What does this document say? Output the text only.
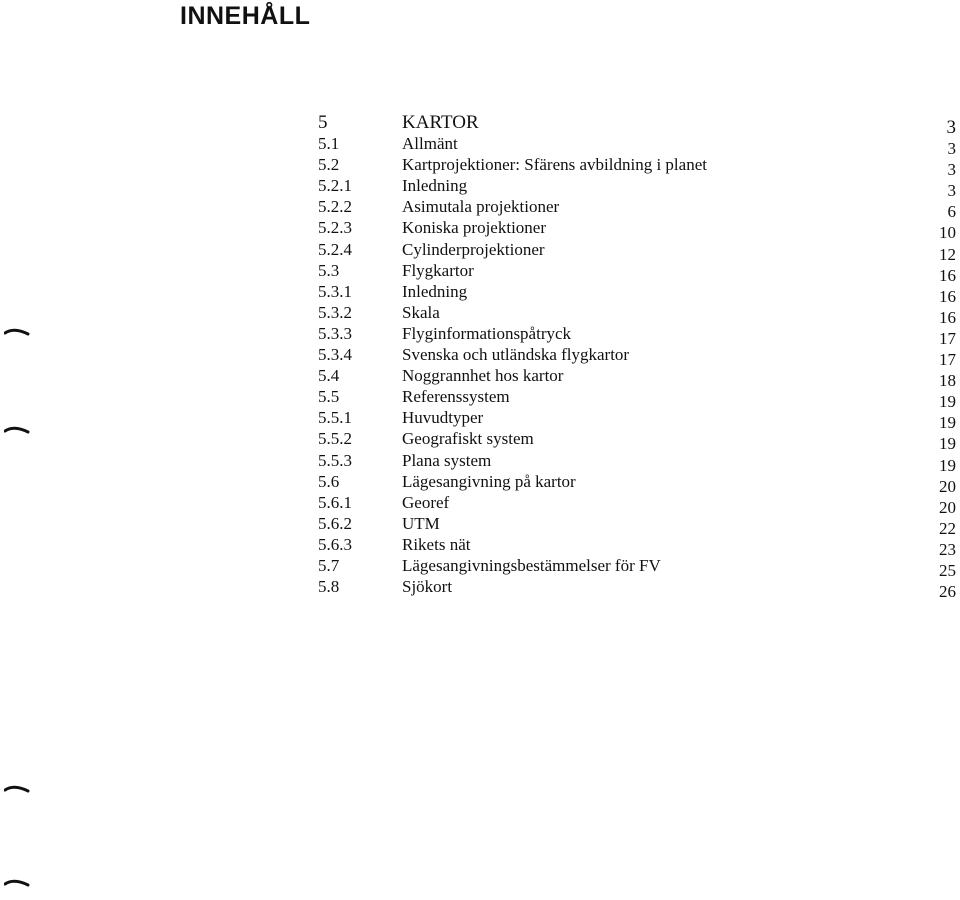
INNEHÅLL
5	KARTOR	3
5.1	Allmänt	3
5.2	Kartprojektioner: Sfärens avbildning i planet	3
5.2.1	Inledning	3
5.2.2	Asimutala projektioner	6
5.2.3	Koniska projektioner	10
5.2.4	Cylinderprojektioner	12
5.3	Flygkartor	16
5.3.1	Inledning	16
5.3.2	Skala	16
5.3.3	Flyginformationspåtryck	17
5.3.4	Svenska och utländska flygkartor	17
5.4	Noggrannhet hos kartor	18
5.5	Referenssystem	19
5.5.1	Huvudtyper	19
5.5.2	Geografiskt system	19
5.5.3	Plana system	19
5.6	Lägesangivning på kartor	20
5.6.1	Georef	20
5.6.2	UTM	22
5.6.3	Rikets nät	23
5.7	Lägesangivningsbestämmelser för FV	25
5.8	Sjökort	26
